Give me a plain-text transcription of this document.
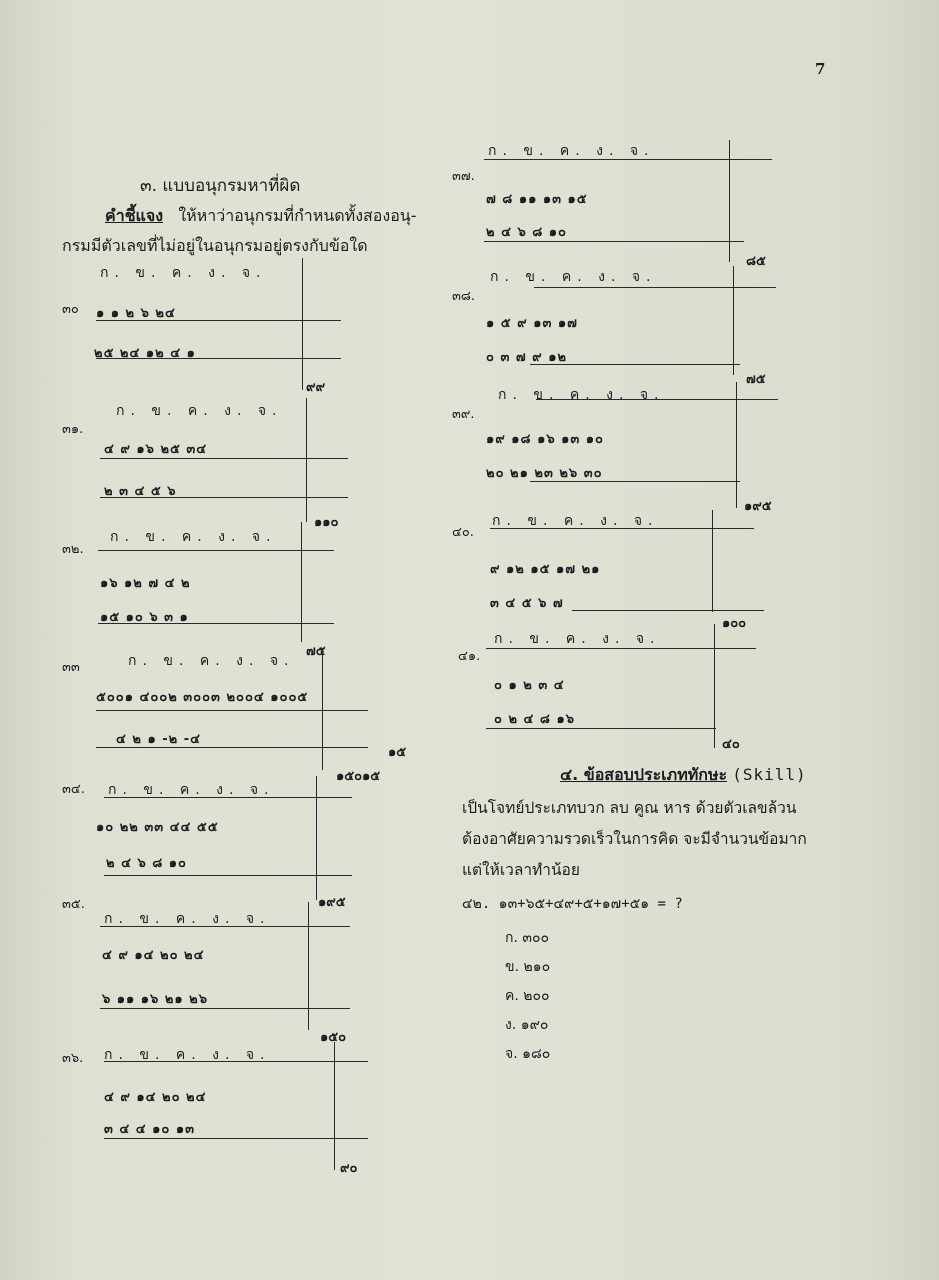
7
๓. แบบอนุกรมหาที่ผิด
คำชี้แจง ให้หาว่าอนุกรมที่กำหนดทั้งสองอนุ-
กรมมีตัวเลขที่ไม่อยู่ในอนุกรมอยู่ตรงกับข้อใด
๓๐
ก. ข. ค. ง. จ.
๑ ๑ ๒ ๖ ๒๔
๒๕ ๒๔ ๑๒ ๔ ๑
๙๙
๓๑.
ก. ข. ค. ง. จ.
๔ ๙ ๑๖ ๒๕ ๓๔
๒ ๓ ๔ ๕ ๖
๑๑๐
๓๒.
ก. ข. ค. ง. จ.
๑๖ ๑๒ ๗ ๔ ๒
๑๕ ๑๐ ๖ ๓ ๑
๗๕
๓๓	ก. ข. ค. ง. จ.
๕๐๐๑ ๔๐๐๒ ๓๐๐๓ ๒๐๐๔ ๑๐๐๕
๔ ๒ ๑ -๒ -๔
๑๕
๑๕๐๑๕
๓๔. ก. ข. ค. ง. จ.
๑๐ ๒๒ ๓๓ ๔๔ ๕๕
๒ ๔ ๖ ๘ ๑๐
๑๙๕
๓๕.
ก. ข. ค. ง. จ.
๔ ๙ ๑๔ ๒๐ ๒๔
๖ ๑๑ ๑๖ ๒๑ ๒๖
๑๕๐
๓๖. ก. ข. ค. ง. จ.
๔ ๙ ๑๔ ๒๐ ๒๔
๓ ๔ ๔ ๑๐ ๑๓
๙๐
๓๗.
ก. ข. ค. ง. จ.
๗ ๘ ๑๑ ๑๓ ๑๕
๒ ๔ ๖ ๘ ๑๐
๘๕
๓๘.
ก. ข. ค. ง. จ.
๑ ๕ ๙ ๑๓ ๑๗
๐ ๓ ๗ ๙ ๑๒
๗๕
๓๙.
ก. ข. ค. ง. จ.
๑๙ ๑๘ ๑๖ ๑๓ ๑๐
๒๐ ๒๑ ๒๓ ๒๖ ๓๐
๑๙๕
๔๐.
ก. ข. ค. ง. จ.
๙ ๑๒ ๑๕ ๑๗ ๒๑
๓ ๔ ๕ ๖ ๗
๑๐๐
๔๑.
ก. ข. ค. ง. จ.
๐ ๑ ๒ ๓ ๔
๐ ๒ ๔ ๘ ๑๖
๔๐
๔. ข้อสอบประเภททักษะ (Skill)
เป็นโจทย์ประเภทบวก ลบ คูณ หาร ด้วยตัวเลขล้วน
ต้องอาศัยความรวดเร็วในการคิด จะมีจำนวนข้อมาก
แต่ให้เวลาทำน้อย
๔๒. ๑๓+๖๕+๔๙+๕+๑๗+๕๑ = ?
ก. ๓๐๐
ข. ๒๑๐
ค. ๒๐๐
ง. ๑๙๐
จ. ๑๘๐
